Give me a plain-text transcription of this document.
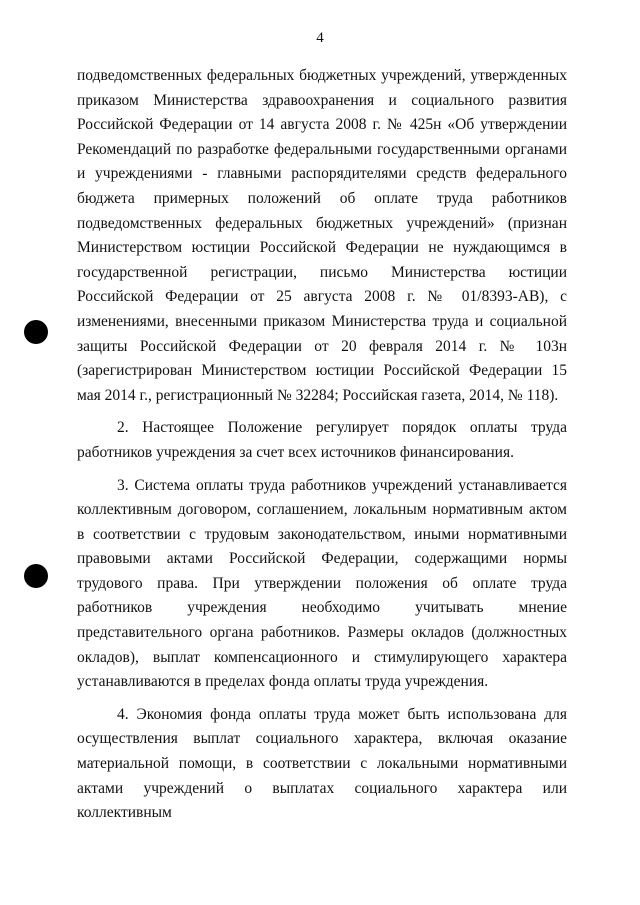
4

подведомственных федеральных бюджетных учреждений, утвержденных приказом Министерства здравоохранения и социального развития Российской Федерации от 14 августа 2008 г. № 425н «Об утверждении Рекомендаций по разработке федеральными государственными органами и учреждениями - главными распорядителями средств федерального бюджета примерных положений об оплате труда работников подведомственных федеральных бюджетных учреждений» (признан Министерством юстиции Российской Федерации не нуждающимся в государственной регистрации, письмо Министерства юстиции Российской Федерации от 25 августа 2008 г. № 01/8393-АВ), с изменениями, внесенными приказом Министерства труда и социальной защиты Российской Федерации от 20 февраля 2014 г. № 103н (зарегистрирован Министерством юстиции Российской Федерации 15 мая 2014 г., регистрационный № 32284; Российская газета, 2014, № 118).

2. Настоящее Положение регулирует порядок оплаты труда работников учреждения за счет всех источников финансирования.

3. Система оплаты труда работников учреждений устанавливается коллективным договором, соглашением, локальным нормативным актом в соответствии с трудовым законодательством, иными нормативными правовыми актами Российской Федерации, содержащими нормы трудового права. При утверждении положения об оплате труда работников учреждения необходимо учитывать мнение представительного органа работников. Размеры окладов (должностных окладов), выплат компенсационного и стимулирующего характера устанавливаются в пределах фонда оплаты труда учреждения.

4. Экономия фонда оплаты труда может быть использована для осуществления выплат социального характера, включая оказание материальной помощи, в соответствии с локальными нормативными актами учреждений о выплатах социального характера или коллективным
